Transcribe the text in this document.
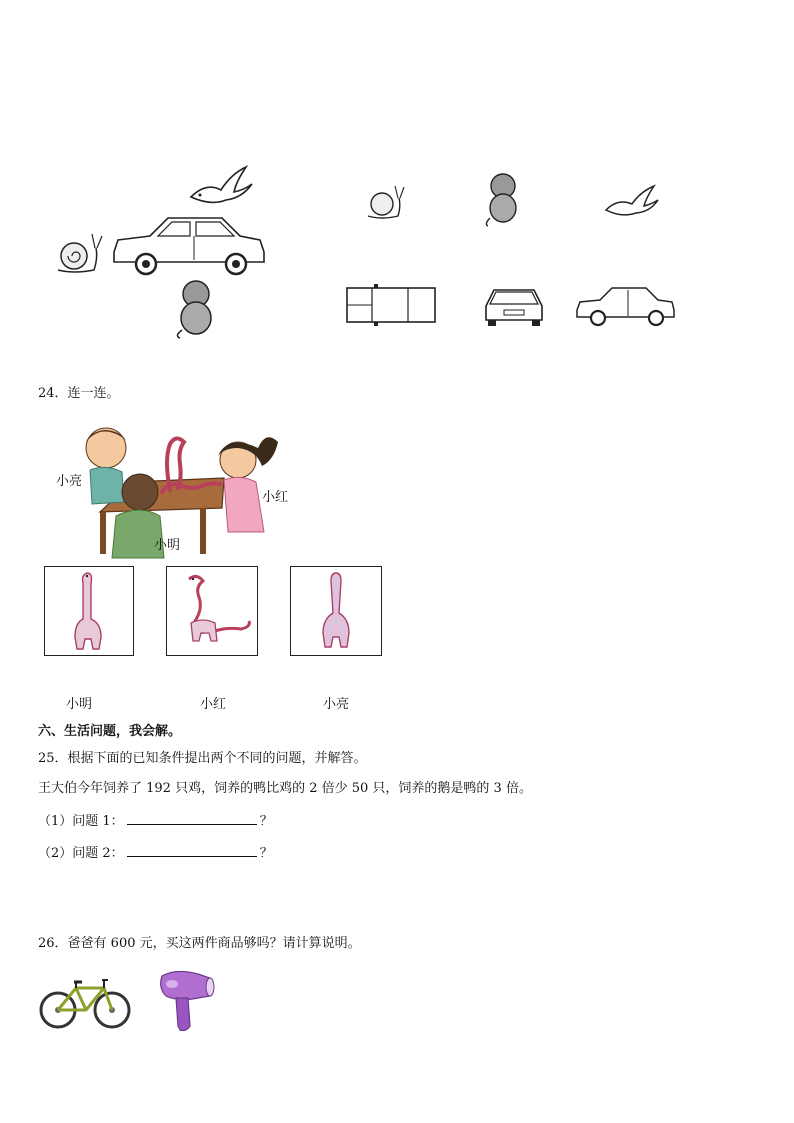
24．连一连。
小亮
小红
小明
小明	小红	小亮
六、生活问题，我会解。
25．根据下面的已知条件提出两个不同的问题，并解答。
王大伯今年饲养了 192 只鸡，饲养的鸭比鸡的 2 倍少 50 只，饲养的鹅是鸭的 3 倍。
（1）问题 1：	？
（2）问题 2：	？
26．爸爸有 600 元，买这两件商品够吗？请计算说明。
